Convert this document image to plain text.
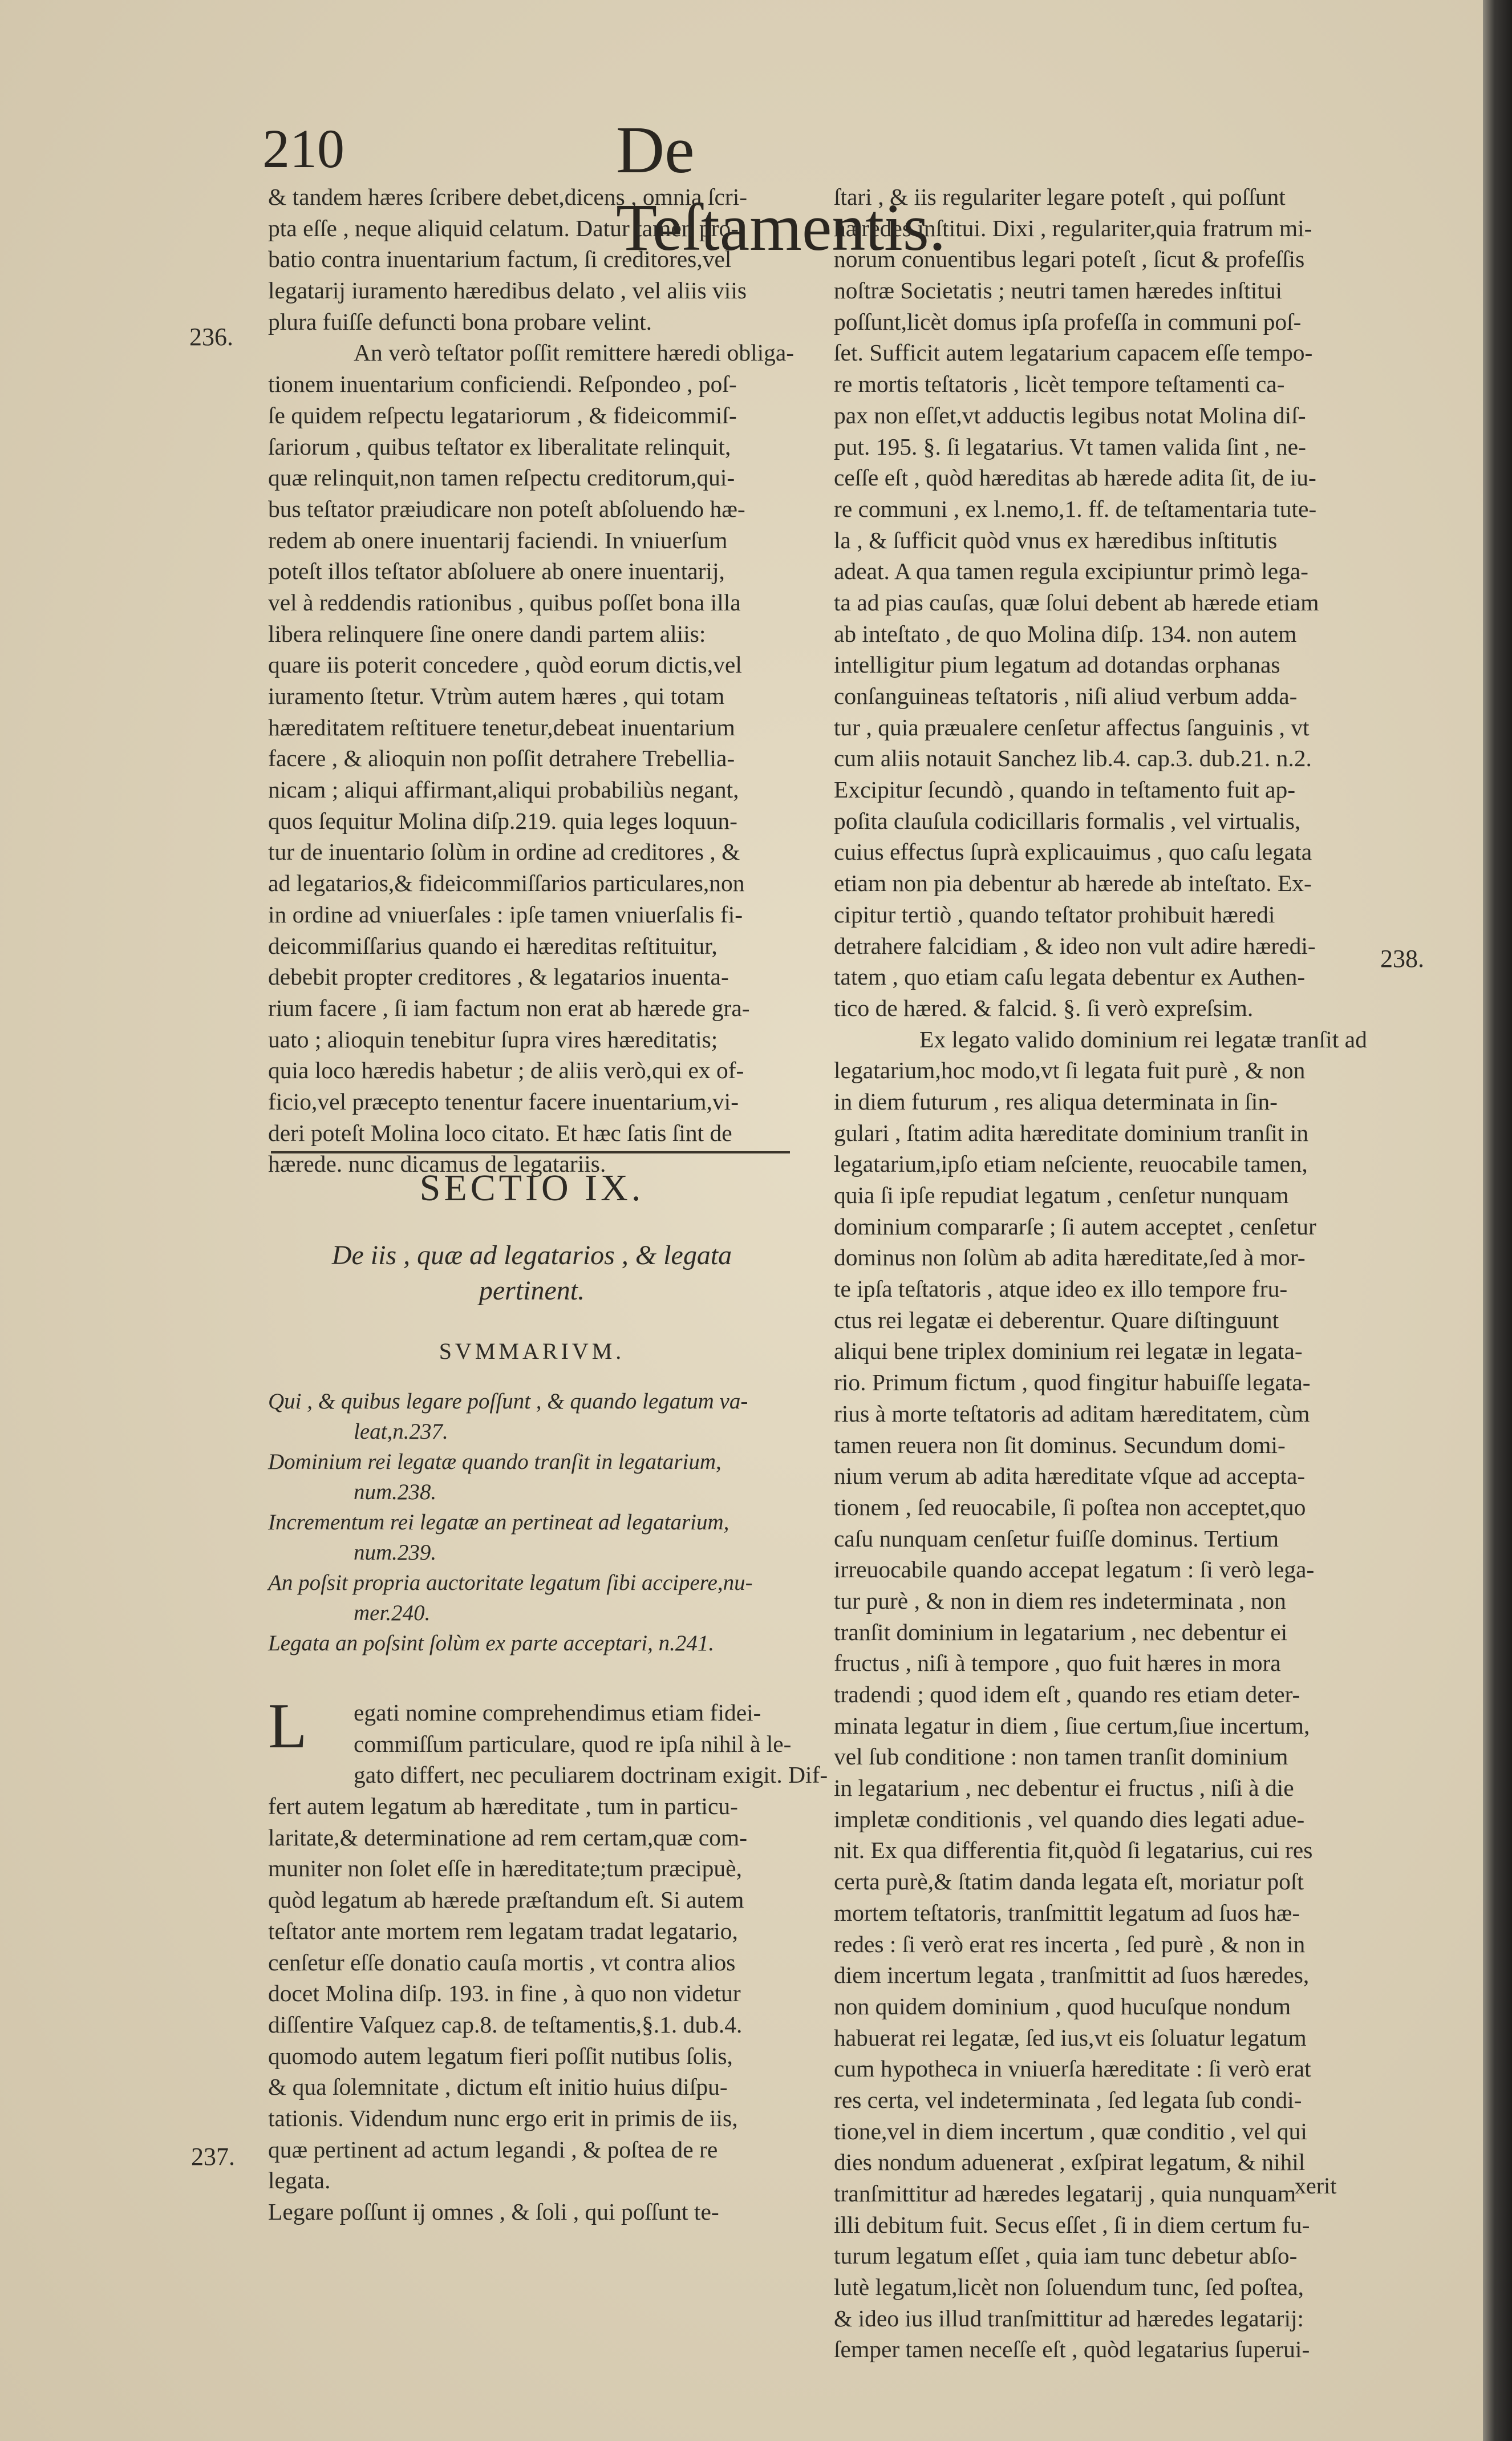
210	De Teſtamentis.
236.
237.
238.
& tandem hæres ſcribere debet,dicens , omnia ſcri-
pta eſſe , neque aliquid celatum. Datur tamen pro-
batio contra inuentarium factum, ſi creditores,vel
legatarij iuramento hæredibus delato , vel aliis viis
plura fuiſſe defuncti bona probare velint.
An verò teſtator poſſit remittere hæredi obliga-
tionem inuentarium conficiendi. Reſpondeo , poſ-
ſe quidem reſpectu legatariorum , & fideicommiſ-
ſariorum , quibus teſtator ex liberalitate relinquit,
quæ relinquit,non tamen reſpectu creditorum,qui-
bus teſtator præiudicare non poteſt abſoluendo hæ-
redem ab onere inuentarij faciendi. In vniuerſum
poteſt illos teſtator abſoluere ab onere inuentarij,
vel à reddendis rationibus , quibus poſſet bona illa
libera relinquere ſine onere dandi partem aliis:
quare iis poterit concedere , quòd eorum dictis,vel
iuramento ſtetur. Vtrùm autem hæres , qui totam
hæreditatem reſtituere tenetur,debeat inuentarium
facere , & alioquin non poſſit detrahere Trebellia-
nicam ; aliqui affirmant,aliqui probabiliùs negant,
quos ſequitur Molina diſp.219. quia leges loquun-
tur de inuentario ſolùm in ordine ad creditores , &
ad legatarios,& fideicommiſſarios particulares,non
in ordine ad vniuerſales : ipſe tamen vniuerſalis fi-
deicommiſſarius quando ei hæreditas reſtituitur,
debebit propter creditores , & legatarios inuenta-
rium facere , ſi iam factum non erat ab hærede gra-
uato ; alioquin tenebitur ſupra vires hæreditatis;
quia loco hæredis habetur ; de aliis verò,qui ex of-
ficio,vel præcepto tenentur facere inuentarium,vi-
deri poteſt Molina loco citato. Et hæc ſatis ſint de
hærede. nunc dicamus de legatariis.
SECTIO IX.
De iis , quæ ad legatarios , & legata
pertinent.
SVMMARIVM.
Qui , & quibus legare poſſunt , & quando legatum va-
leat,n.237.
Dominium rei legatæ quando tranſit in legatarium,
num.238.
Incrementum rei legatæ an pertineat ad legatarium,
num.239.
An poſsit propria auctoritate legatum ſibi accipere,nu-
mer.240.
Legata an poſsint ſolùm ex parte acceptari, n.241.
L	egati nomine comprehendimus etiam fidei-
commiſſum particulare, quod re ipſa nihil à le-
gato differt, nec peculiarem doctrinam exigit. Dif-
fert autem legatum ab hæreditate , tum in particu-
laritate,& determinatione ad rem certam,quæ com-
muniter non ſolet eſſe in hæreditate;tum præcipuè,
quòd legatum ab hærede præſtandum eſt. Si autem
teſtator ante mortem rem legatam tradat legatario,
cenſetur eſſe donatio cauſa mortis , vt contra alios
docet Molina diſp. 193. in fine , à quo non videtur
diſſentire Vaſquez cap.8. de teſtamentis,§.1. dub.4.
quomodo autem legatum fieri poſſit nutibus ſolis,
& qua ſolemnitate , dictum eſt initio huius diſpu-
tationis. Videndum nunc ergo erit in primis de iis,
quæ pertinent ad actum legandi , & poſtea de re
legata.
Legare poſſunt ij omnes , & ſoli , qui poſſunt te-
ſtari , & iis regulariter legare poteſt , qui poſſunt
hæredes inſtitui. Dixi , regulariter,quia fratrum mi-
norum conuentibus legari poteſt , ſicut & profeſſis
noſtræ Societatis ; neutri tamen hæredes inſtitui
poſſunt,licèt domus ipſa profeſſa in communi poſ-
ſet. Sufficit autem legatarium capacem eſſe tempo-
re mortis teſtatoris , licèt tempore teſtamenti ca-
pax non eſſet,vt adductis legibus notat Molina diſ-
put. 195. §. ſi legatarius. Vt tamen valida ſint , ne-
ceſſe eſt , quòd hæreditas ab hærede adita ſit, de iu-
re communi , ex l.nemo,1. ff. de teſtamentaria tute-
la , & ſufficit quòd vnus ex hæredibus inſtitutis
adeat. A qua tamen regula excipiuntur primò lega-
ta ad pias cauſas, quæ ſolui debent ab hærede etiam
ab inteſtato , de quo Molina diſp. 134. non autem
intelligitur pium legatum ad dotandas orphanas
conſanguineas teſtatoris , niſi aliud verbum adda-
tur , quia præualere cenſetur affectus ſanguinis , vt
cum aliis notauit Sanchez lib.4. cap.3. dub.21. n.2.
Excipitur ſecundò , quando in teſtamento fuit ap-
poſita clauſula codicillaris formalis , vel virtualis,
cuius effectus ſuprà explicauimus , quo caſu legata
etiam non pia debentur ab hærede ab inteſtato. Ex-
cipitur tertiò , quando teſtator prohibuit hæredi
detrahere falcidiam , & ideo non vult adire hæredi-
tatem , quo etiam caſu legata debentur ex Authen-
tico de hæred. & falcid. §. ſi verò expreſsim.
Ex legato valido dominium rei legatæ tranſit ad
legatarium,hoc modo,vt ſi legata fuit purè , & non
in diem futurum , res aliqua determinata in ſin-
gulari , ſtatim adita hæreditate dominium tranſit in
legatarium,ipſo etiam neſciente, reuocabile tamen,
quia ſi ipſe repudiat legatum , cenſetur nunquam
dominium compararſe ; ſi autem acceptet , cenſetur
dominus non ſolùm ab adita hæreditate,ſed à mor-
te ipſa teſtatoris , atque ideo ex illo tempore fru-
ctus rei legatæ ei deberentur. Quare diſtinguunt
aliqui bene triplex dominium rei legatæ in legata-
rio. Primum fictum , quod fingitur habuiſſe legata-
rius à morte teſtatoris ad aditam hæreditatem, cùm
tamen reuera non ſit dominus. Secundum domi-
nium verum ab adita hæreditate vſque ad accepta-
tionem , ſed reuocabile, ſi poſtea non acceptet,quo
caſu nunquam cenſetur fuiſſe dominus. Tertium
irreuocabile quando accepat legatum : ſi verò lega-
tur purè , & non in diem res indeterminata , non
tranſit dominium in legatarium , nec debentur ei
fructus , niſi à tempore , quo fuit hæres in mora
tradendi ; quod idem eſt , quando res etiam deter-
minata legatur in diem , ſiue certum,ſiue incertum,
vel ſub conditione : non tamen tranſit dominium
in legatarium , nec debentur ei fructus , niſi à die
impletæ conditionis , vel quando dies legati adue-
nit. Ex qua differentia fit,quòd ſi legatarius, cui res
certa purè,& ſtatim danda legata eſt, moriatur poſt
mortem teſtatoris, tranſmittit legatum ad ſuos hæ-
redes : ſi verò erat res incerta , ſed purè , & non in
diem incertum legata , tranſmittit ad ſuos hæredes,
non quidem dominium , quod hucuſque nondum
habuerat rei legatæ, ſed ius,vt eis ſoluatur legatum
cum hypotheca in vniuerſa hæreditate : ſi verò erat
res certa, vel indeterminata , ſed legata ſub condi-
tione,vel in diem incertum , quæ conditio , vel qui
dies nondum aduenerat , exſpirat legatum, & nihil
tranſmittitur ad hæredes legatarij , quia nunquam
illi debitum fuit. Secus eſſet , ſi in diem certum fu-
turum legatum eſſet , quia iam tunc debetur abſo-
lutè legatum,licèt non ſoluendum tunc, ſed poſtea,
& ideo ius illud tranſmittitur ad hæredes legatarij:
ſemper tamen neceſſe eſt , quòd legatarius ſuperui-
xerit
